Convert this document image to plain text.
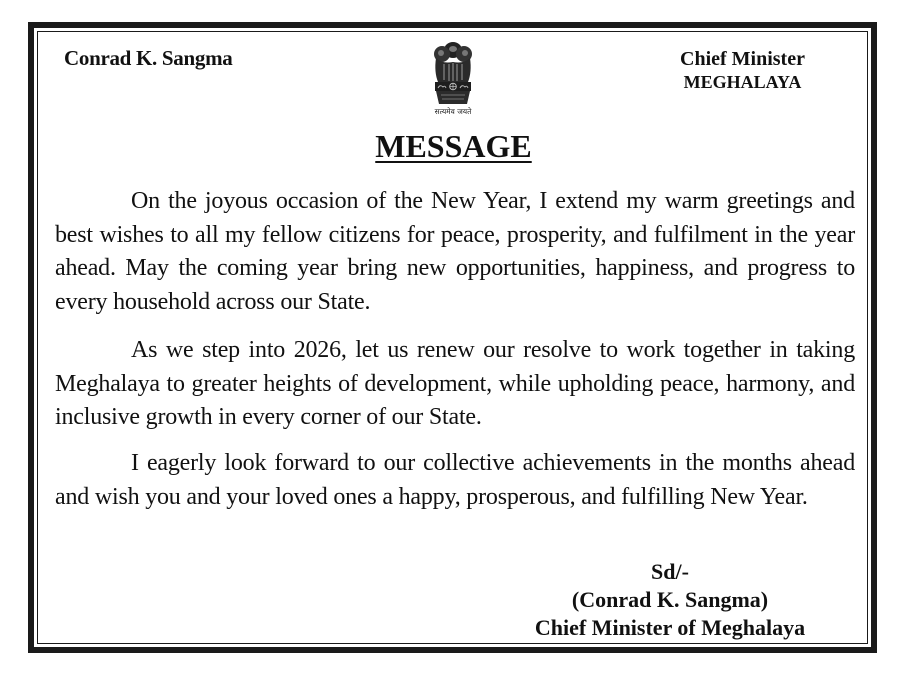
Conrad K. Sangma	Chief Minister
MEGHALAYA
सत्यमेव जयते
MESSAGE

On the joyous occasion of the New Year, I extend my warm greetings and best wishes to all my fellow citizens for peace, prosperity, and fulfilment in the year ahead. May the coming year bring new opportunities, happiness, and progress to every household across our State.

As we step into 2026, let us renew our resolve to work together in taking Meghalaya to greater heights of development, while upholding peace, harmony, and inclusive growth in every corner of our State.

I eagerly look forward to our collective achievements in the months ahead and wish you and your loved ones a happy, prosperous, and fulfilling New Year.

Sd/-
(Conrad K. Sangma)
Chief Minister of Meghalaya
